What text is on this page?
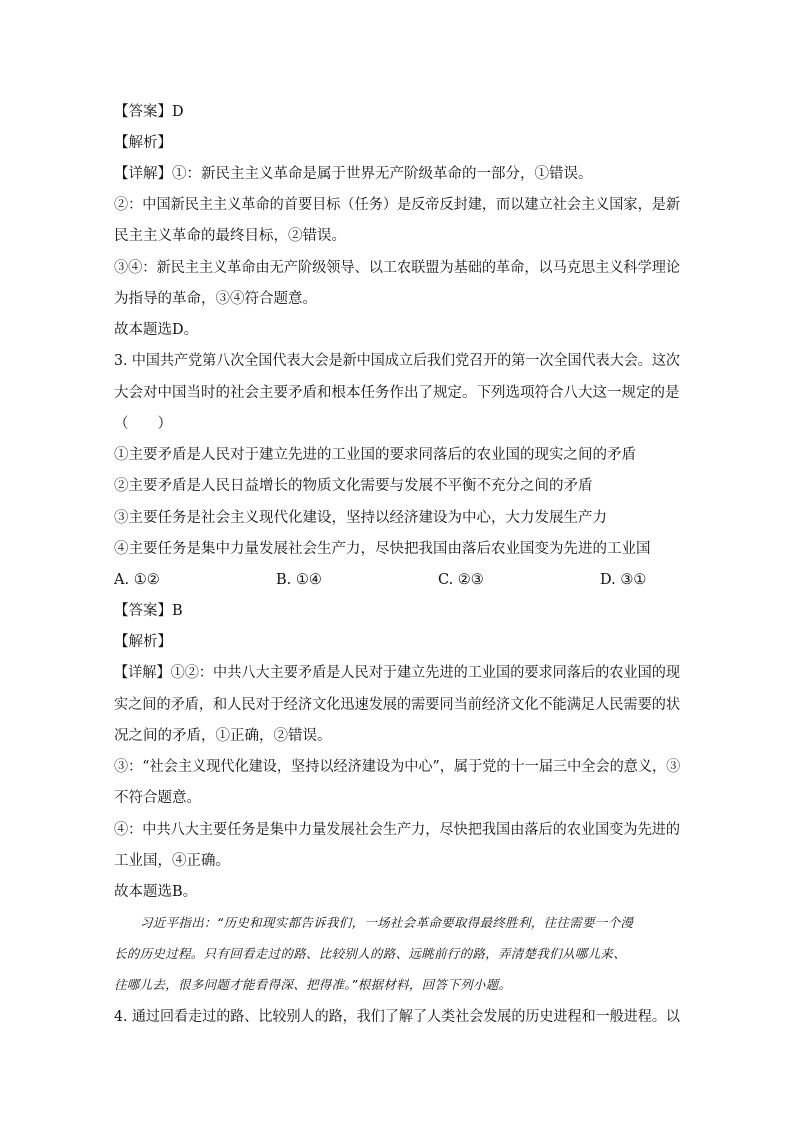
【答案】D
【解析】
【详解】①：新民主主义革命是属于世界无产阶级革命的一部分，①错误。
②：中国新民主主义革命的首要目标（任务）是反帝反封建，而以建立社会主义国家，是新
民主主义革命的最终目标，②错误。
③④：新民主主义革命由无产阶级领导、以工农联盟为基础的革命，以马克思主义科学理论
为指导的革命，③④符合题意。
故本题选D。
3. 中国共产党第八次全国代表大会是新中国成立后我们党召开的第一次全国代表大会。这次
大会对中国当时的社会主要矛盾和根本任务作出了规定。下列选项符合八大这一规定的是
（　　）
①主要矛盾是人民对于建立先进的工业国的要求同落后的农业国的现实之间的矛盾
②主要矛盾是人民日益增长的物质文化需要与发展不平衡不充分之间的矛盾
③主要任务是社会主义现代化建设，坚持以经济建设为中心，大力发展生产力
④主要任务是集中力量发展社会生产力，尽快把我国由落后农业国变为先进的工业国
A. ①②	B. ①④	C. ②③	D. ③①
【答案】B
【解析】
【详解】①②：中共八大主要矛盾是人民对于建立先进的工业国的要求同落后的农业国的现
实之间的矛盾，和人民对于经济文化迅速发展的需要同当前经济文化不能满足人民需要的状
况之间的矛盾，①正确，②错误。
③：“社会主义现代化建设，坚持以经济建设为中心”，属于党的十一届三中全会的意义，③
不符合题意。
④：中共八大主要任务是集中力量发展社会生产力，尽快把我国由落后的农业国变为先进的
工业国，④正确。
故本题选B。
习近平指出：“历史和现实都告诉我们，一场社会革命要取得最终胜利，往往需要一个漫
长的历史过程。只有回看走过的路、比较别人的路、远眺前行的路，弄清楚我们从哪儿来、
往哪儿去，很多问题才能看得深、把得准。”根据材料，回答下列小题。
4. 通过回看走过的路、比较别人的路，我们了解了人类社会发展的历史进程和一般进程。以
